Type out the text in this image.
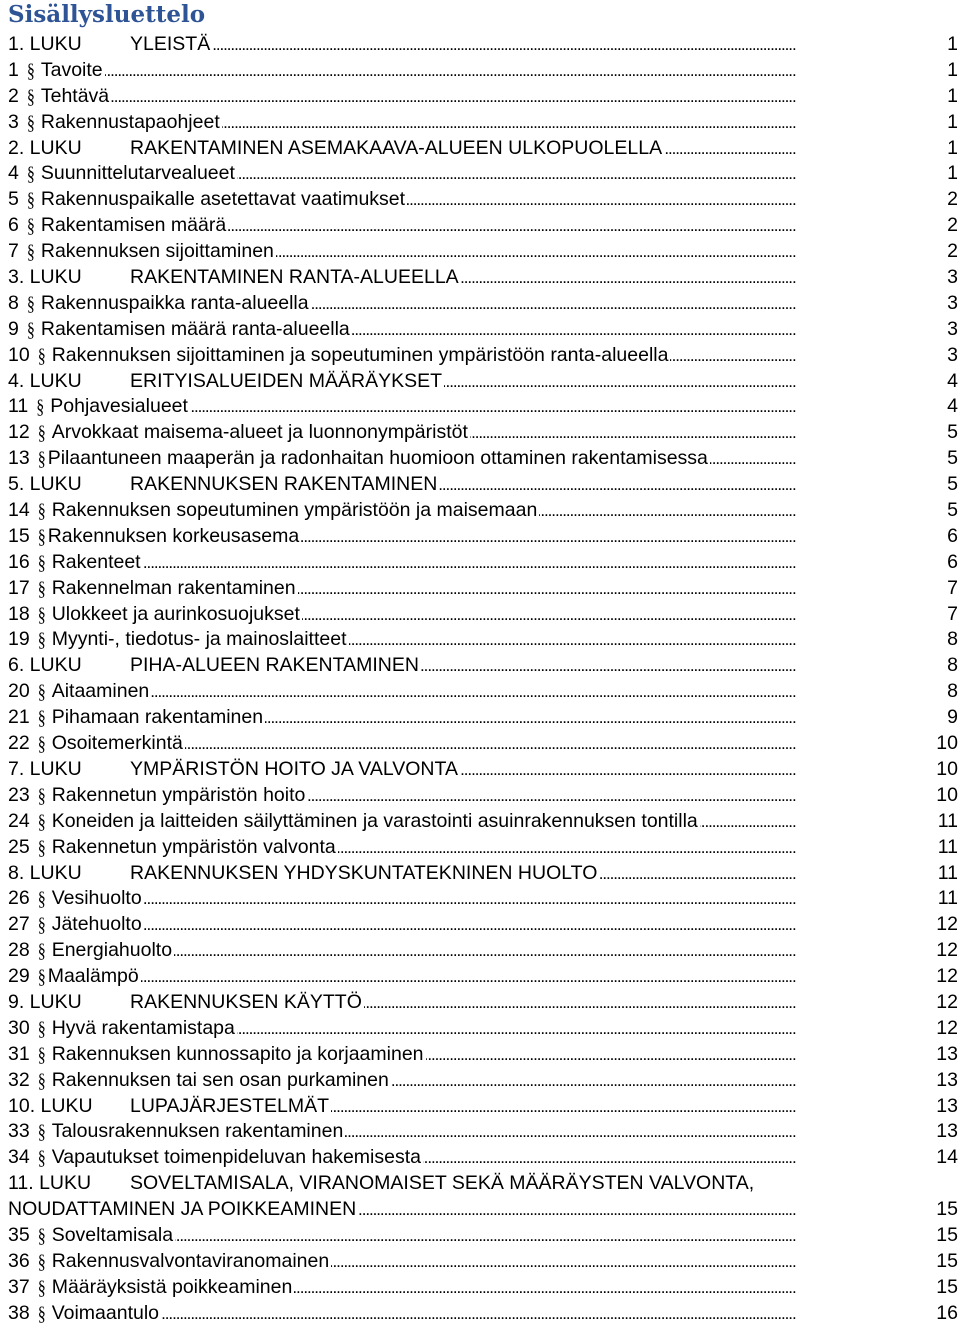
Sisällysluettelo
. . .
1. LUKU YLEISTÄ	1
. . .
1 § Tavoite	1
. . .
2 § Tehtävä	1
. . .
3 § Rakennustapaohjeet	1
. . .
2. LUKU RAKENTAMINEN ASEMAKAAVA-ALUEEN ULKOPUOLELLA	1
. . .
4 § Suunnittelutarvealueet	1
. . .
5 § Rakennuspaikalle asetettavat vaatimukset	2
. . .
6 § Rakentamisen määrä	2
. . .
7 § Rakennuksen sijoittaminen	2
. . .
3. LUKU RAKENTAMINEN RANTA-ALUEELLA	3
. . .
8 § Rakennuspaikka ranta-alueella	3
. . .
9 § Rakentamisen määrä ranta-alueella	3
. . .
10 § Rakennuksen sijoittaminen ja sopeutuminen ympäristöön ranta-alueella	3
. . .
4. LUKU ERITYISALUEIDEN MÄÄRÄYKSET	4
. . .
11 § Pohjavesialueet	4
. . .
12 § Arvokkaat maisema-alueet ja luonnonympäristöt	5
. . .
13 § Pilaantuneen maaperän ja radonhaitan huomioon ottaminen rakentamisessa	5
. . .
5. LUKU RAKENNUKSEN RAKENTAMINEN	5
. . .
14 § Rakennuksen sopeutuminen ympäristöön ja maisemaan	5
. . .
15 § Rakennuksen korkeusasema	6
. . .
16 § Rakenteet	6
. . .
17 § Rakennelman rakentaminen	7
. . .
18 § Ulokkeet ja aurinkosuojukset	7
. . .
19 § Myynti-, tiedotus- ja mainoslaitteet	8
. . .
6. LUKU PIHA-ALUEEN RAKENTAMINEN	8
. . .
20 § Aitaaminen	8
. . .
21 § Pihamaan rakentaminen	9
. . .
22 § Osoitemerkintä	10
. . .
7. LUKU YMPÄRISTÖN HOITO JA VALVONTA	10
. . .
23 § Rakennetun ympäristön hoito	10
. . .
24 § Koneiden ja laitteiden säilyttäminen ja varastointi asuinrakennuksen tontilla	11
. . .
25 § Rakennetun ympäristön valvonta	11
. . .
8. LUKU RAKENNUKSEN YHDYSKUNTATEKNINEN HUOLTO	11
. . .
26 § Vesihuolto	11
. . .
27 § Jätehuolto	12
. . .
28 § Energiahuolto	12
. . .
29 § Maalämpö	12
. . .
9. LUKU RAKENNUKSEN KÄYTTÖ	12
. . .
30 § Hyvä rakentamistapa	12
. . .
31 § Rakennuksen kunnossapito ja korjaaminen	13
. . .
32 § Rakennuksen tai sen osan purkaminen	13
. . .
10. LUKU LUPAJÄRJESTELMÄT	13
. . .
33 § Talousrakennuksen rakentaminen	13
. . .
34 § Vapautukset toimenpideluvan hakemisesta	14
11. LUKU SOVELTAMISALA, VIRANOMAISET SEKÄ MÄÄRÄYSTEN VALVONTA,
. . .
NOUDATTAMINEN JA POIKKEAMINEN	15
. . .
35 § Soveltamisala	15
. . .
36 § Rakennusvalvontaviranomainen	15
. . .
37 § Määräyksistä poikkeaminen	15
. . .
38 § Voimaantulo	16
